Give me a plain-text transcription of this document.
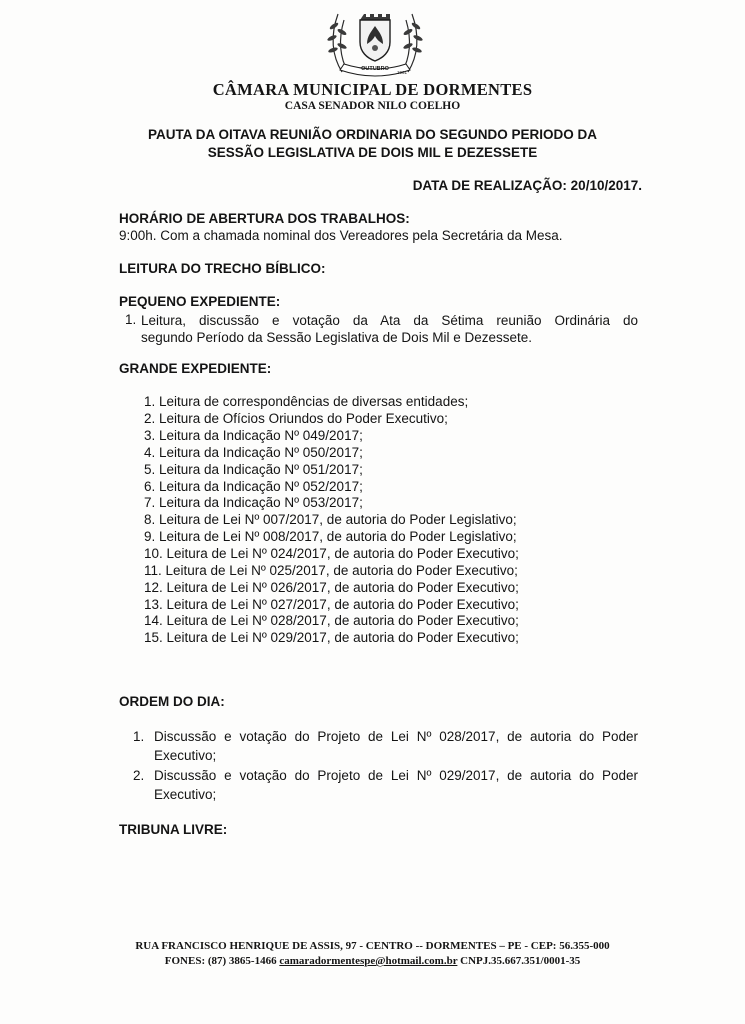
OUTUBRO
1961
CÂMARA MUNICIPAL DE DORMENTES
CASA SENADOR NILO COELHO
PAUTA DA OITAVA REUNIÃO ORDINARIA DO SEGUNDO PERIODO DA
SESSÃO LEGISLATIVA DE DOIS MIL E DEZESSETE
DATA DE REALIZAÇÃO: 20/10/2017.
HORÁRIO DE ABERTURA DOS TRABALHOS:
9:00h. Com a chamada nominal dos Vereadores pela Secretária da Mesa.
LEITURA DO TRECHO BÍBLICO:
PEQUENO EXPEDIENTE:
1. Leitura, discussão e votação da Ata da Sétima reunião Ordinária do
segundo Período da Sessão Legislativa de Dois Mil e Dezessete.
GRANDE EXPEDIENTE:
1. Leitura de correspondências de diversas entidades;
2. Leitura de Ofícios Oriundos do Poder Executivo;
3. Leitura da Indicação Nº 049/2017;
4. Leitura da Indicação Nº 050/2017;
5. Leitura da Indicação Nº 051/2017;
6. Leitura da Indicação Nº 052/2017;
7. Leitura da Indicação Nº 053/2017;
8. Leitura de Lei Nº 007/2017, de autoria do Poder Legislativo;
9. Leitura de Lei Nº 008/2017, de autoria do Poder Legislativo;
10. Leitura de Lei Nº 024/2017, de autoria do Poder Executivo;
11. Leitura de Lei Nº 025/2017, de autoria do Poder Executivo;
12. Leitura de Lei Nº 026/2017, de autoria do Poder Executivo;
13. Leitura de Lei Nº 027/2017, de autoria do Poder Executivo;
14. Leitura de Lei Nº 028/2017, de autoria do Poder Executivo;
15. Leitura de Lei Nº 029/2017, de autoria do Poder Executivo;
ORDEM DO DIA:
1. Discussão e votação do Projeto de Lei Nº 028/2017, de autoria do Poder
Executivo;
2. Discussão e votação do Projeto de Lei Nº 029/2017, de autoria do Poder
Executivo;
TRIBUNA LIVRE:
RUA FRANCISCO HENRIQUE DE ASSIS, 97 - CENTRO -- DORMENTES – PE - CEP: 56.355-000
FONES: (87) 3865-1466 camaradormentespe@hotmail.com.br CNPJ.35.667.351/0001-35
